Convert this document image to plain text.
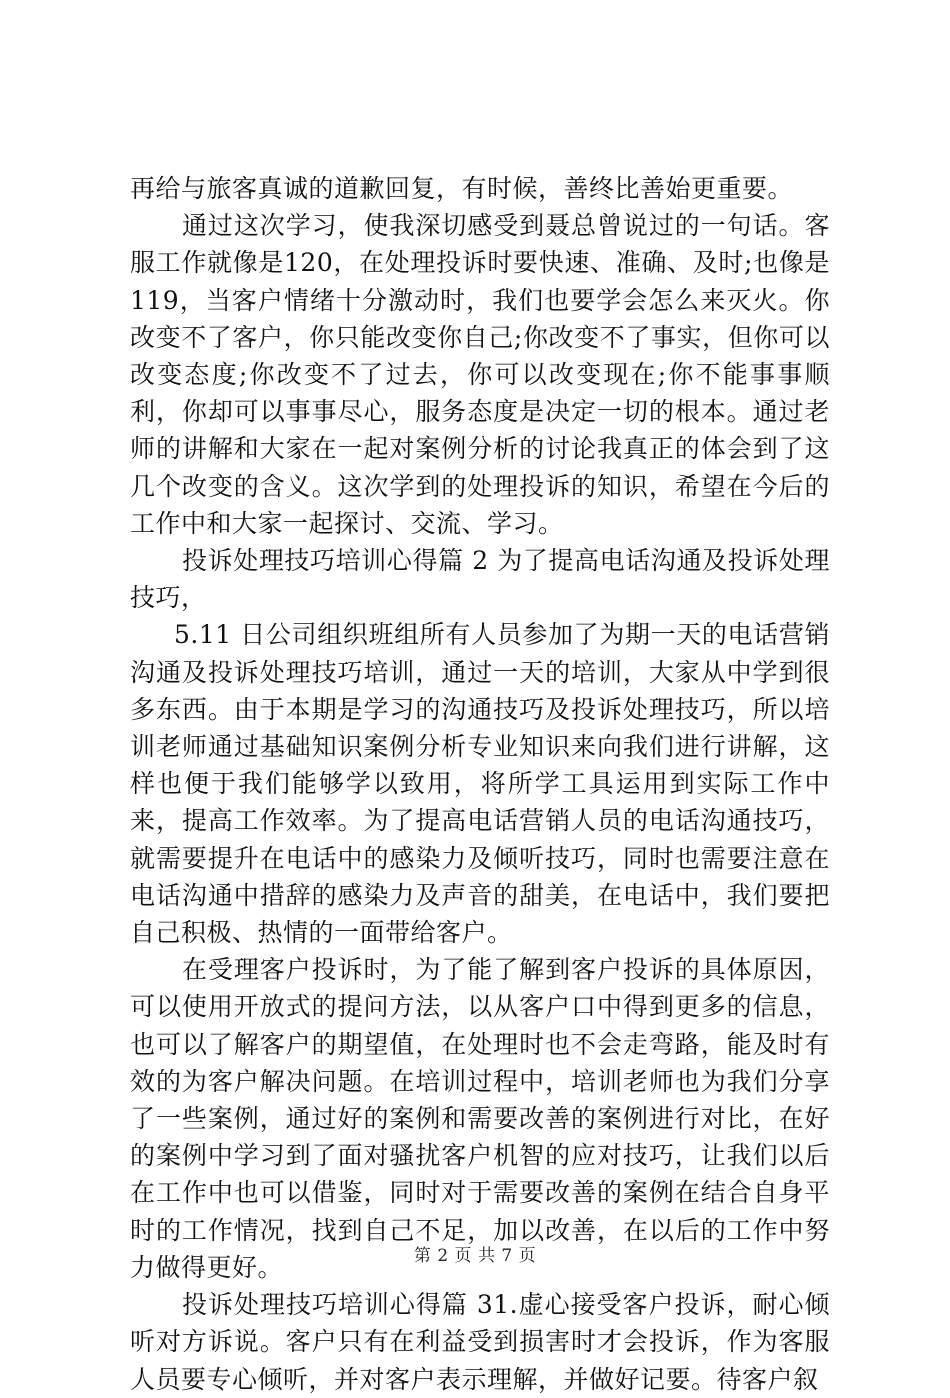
再给与旅客真诚的道歉回复，有时候，善终比善始更重要。

通过这次学习，使我深切感受到聂总曾说过的一句话。客服工作就像是120，在处理投诉时要快速、准确、及时;也像是119，当客户情绪十分激动时，我们也要学会怎么来灭火。你改变不了客户，你只能改变你自己;你改变不了事实，但你可以改变态度;你改变不了过去，你可以改变现在;你不能事事顺利，你却可以事事尽心，服务态度是决定一切的根本。通过老师的讲解和大家在一起对案例分析的讨论我真正的体会到了这几个改变的含义。这次学到的处理投诉的知识，希望在今后的工作中和大家一起探讨、交流、学习。

投诉处理技巧培训心得篇 2 为了提高电话沟通及投诉处理技巧，

5.11 日公司组织班组所有人员参加了为期一天的电话营销沟通及投诉处理技巧培训，通过一天的培训，大家从中学到很多东西。由于本期是学习的沟通技巧及投诉处理技巧，所以培训老师通过基础知识案例分析专业知识来向我们进行讲解，这样也便于我们能够学以致用，将所学工具运用到实际工作中来，提高工作效率。为了提高电话营销人员的电话沟通技巧，就需要提升在电话中的感染力及倾听技巧，同时也需要注意在电话沟通中措辞的感染力及声音的甜美，在电话中，我们要把自己积极、热情的一面带给客户。

在受理客户投诉时，为了能了解到客户投诉的具体原因，可以使用开放式的提问方法，以从客户口中得到更多的信息，也可以了解客户的期望值，在处理时也不会走弯路，能及时有效的为客户解决问题。在培训过程中，培训老师也为我们分享了一些案例，通过好的案例和需要改善的案例进行对比，在好的案例中学习到了面对骚扰客户机智的应对技巧，让我们以后在工作中也可以借鉴，同时对于需要改善的案例在结合自身平时的工作情况，找到自己不足，加以改善，在以后的工作中努力做得更好。

投诉处理技巧培训心得篇 31.虚心接受客户投诉，耐心倾听对方诉说。客户只有在利益受到损害时才会投诉，作为客服人员要专心倾听，并对客户表示理解，并做好记要。待客户叙

第 2 页 共 7 页
